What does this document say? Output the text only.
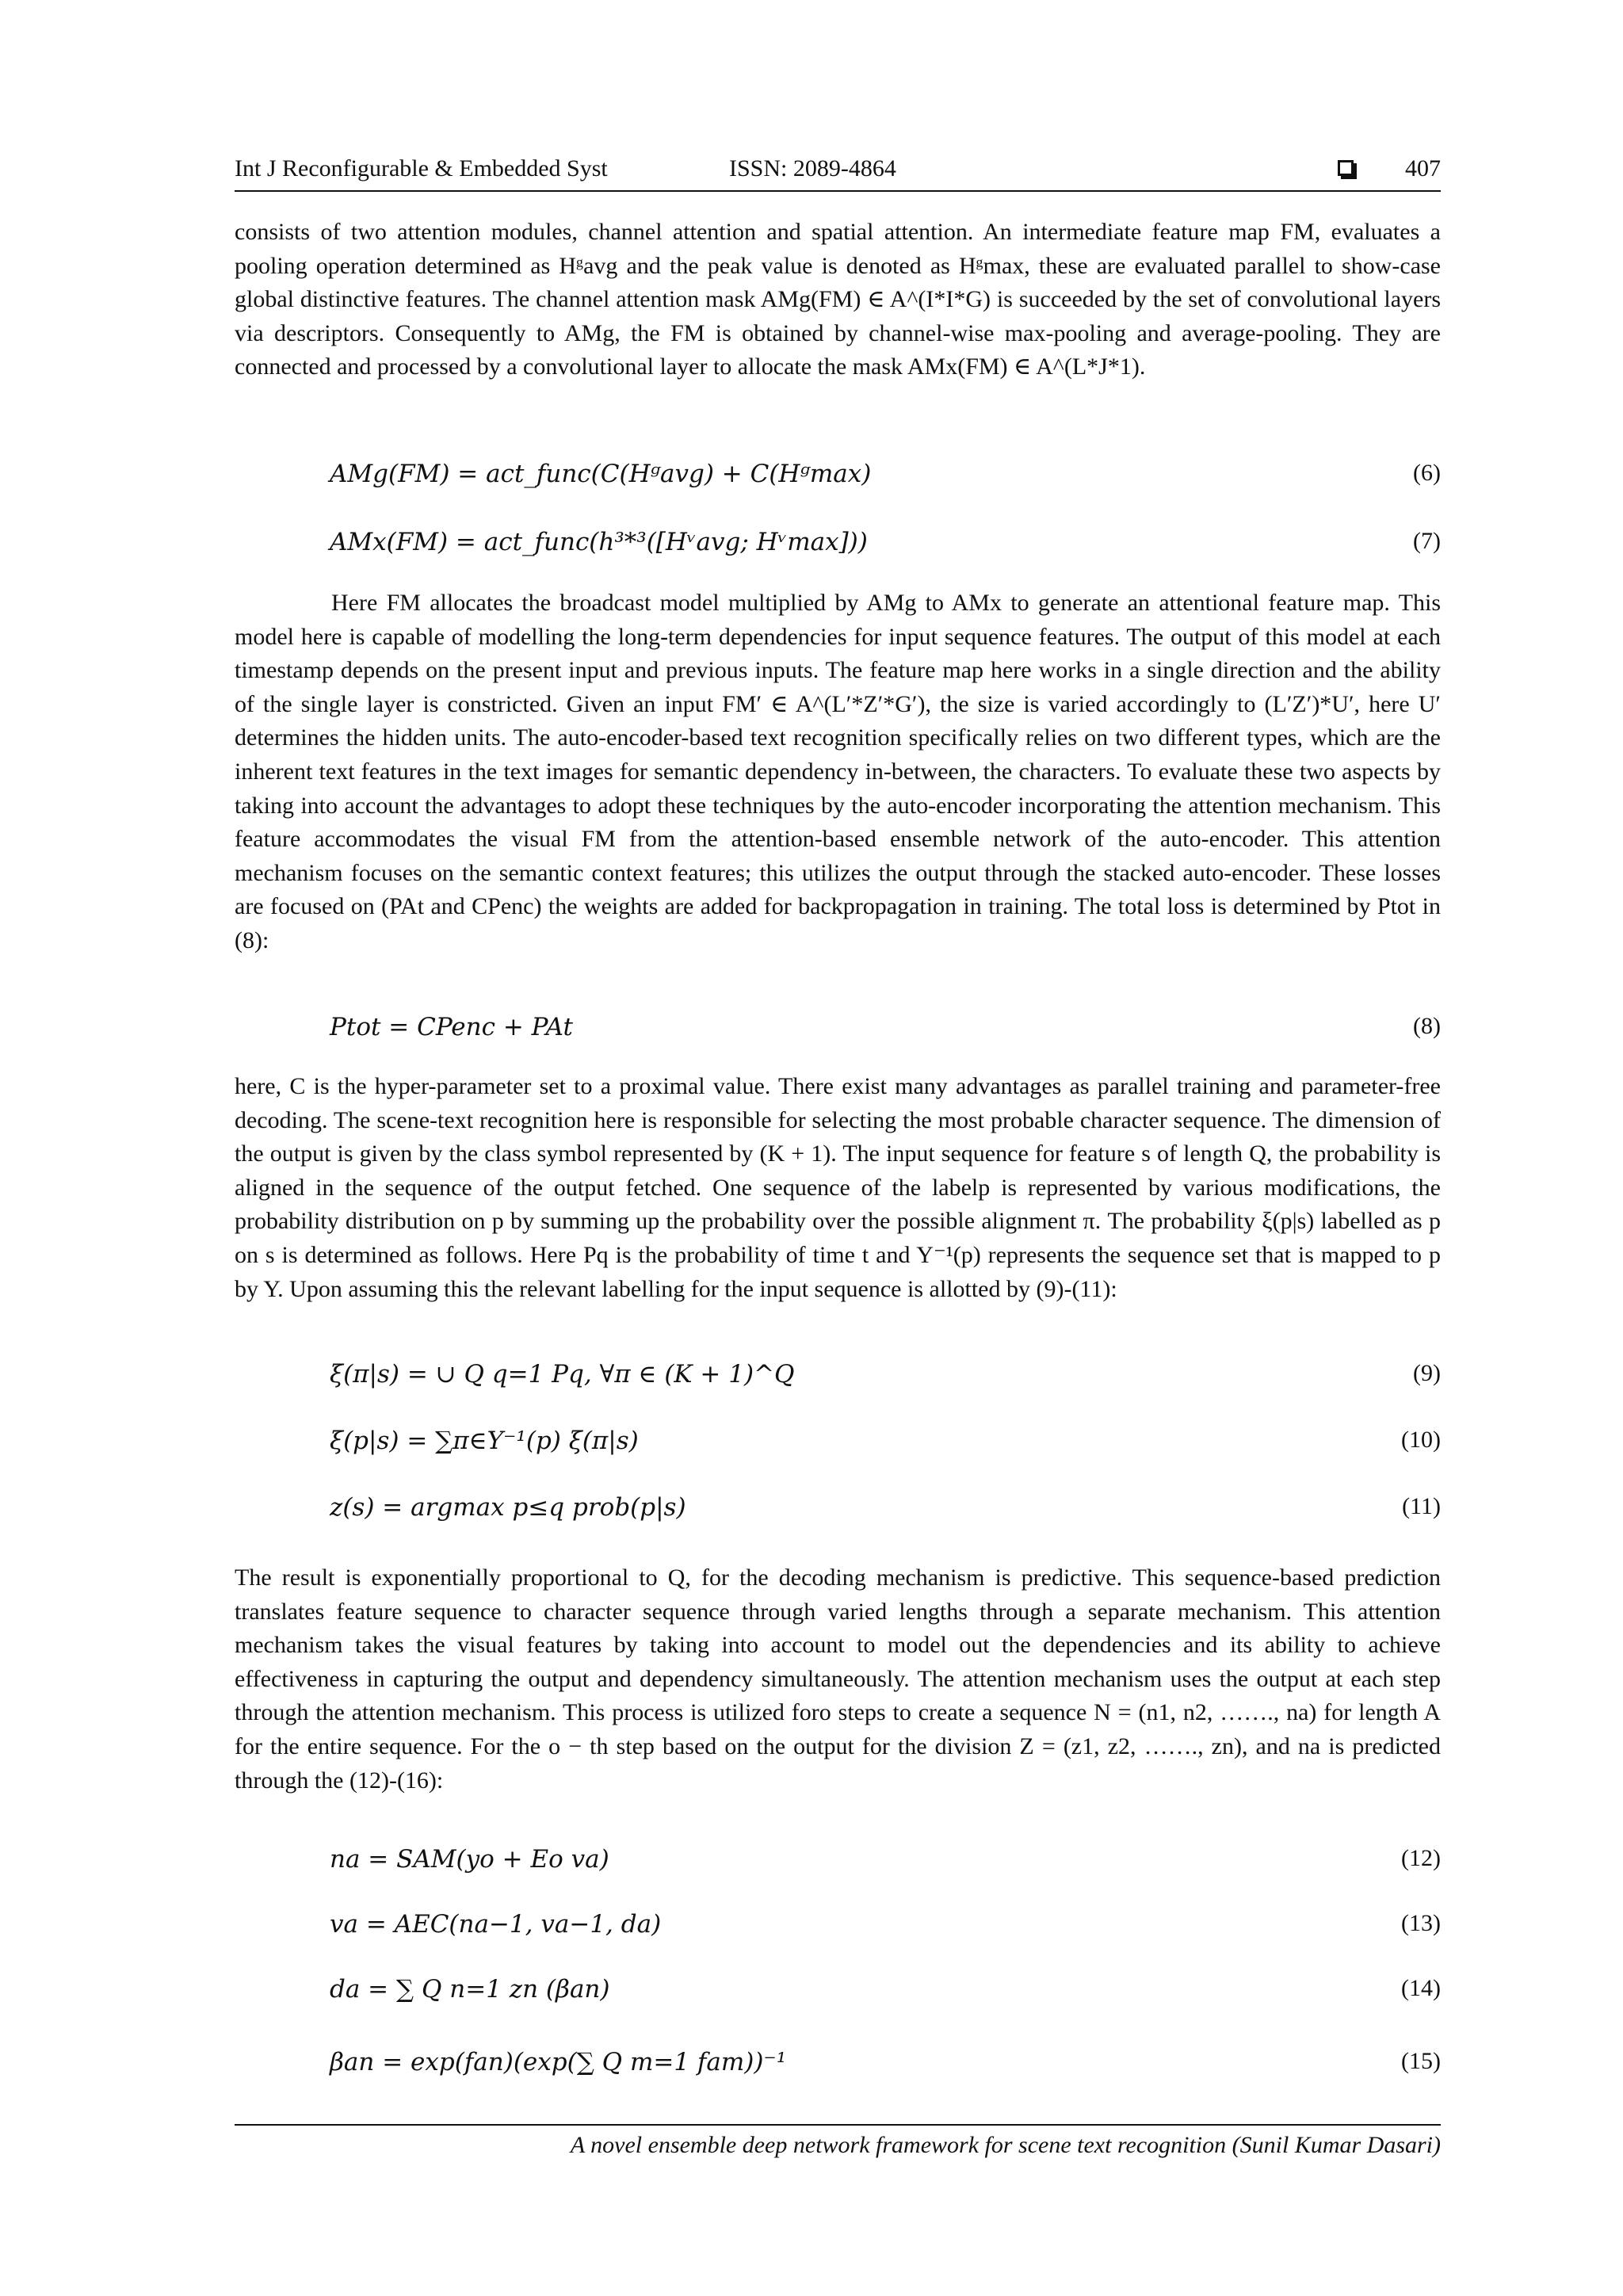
Int J Reconfigurable & Embedded Syst	ISSN: 2089-4864	407

consists of two attention modules, channel attention and spatial attention. An intermediate feature map FM, evaluates a pooling operation determined as Hᵍavg and the peak value is denoted as Hᵍmax, these are evaluated parallel to show-case global distinctive features. The channel attention mask AMg(FM) ∈ A^(I*I*G) is succeeded by the set of convolutional layers via descriptors. Consequently to AMg, the FM is obtained by channel-wise max-pooling and average-pooling. They are connected and processed by a convolutional layer to allocate the mask AMx(FM) ∈ A^(L*J*1).

AMg(FM) = act_func(C(Hᵍavg) + C(Hᵍmax)	(6)
AMx(FM) = act_func(h³*³([Hᵛavg; Hᵛmax]))	(7)

Here FM allocates the broadcast model multiplied by AMg to AMx to generate an attentional feature map. This model here is capable of modelling the long-term dependencies for input sequence features. The output of this model at each timestamp depends on the present input and previous inputs. The feature map here works in a single direction and the ability of the single layer is constricted. Given an input FM′ ∈ A^(L′*Z′*G′), the size is varied accordingly to (L′Z′)*U′, here U′ determines the hidden units. The auto-encoder-based text recognition specifically relies on two different types, which are the inherent text features in the text images for semantic dependency in-between, the characters. To evaluate these two aspects by taking into account the advantages to adopt these techniques by the auto-encoder incorporating the attention mechanism. This feature accommodates the visual FM from the attention-based ensemble network of the auto-encoder. This attention mechanism focuses on the semantic context features; this utilizes the output through the stacked auto-encoder. These losses are focused on (PAt and CPenc) the weights are added for backpropagation in training. The total loss is determined by Ptot in (8):

Ptot = CPenc + PAt	(8)

here, C is the hyper-parameter set to a proximal value. There exist many advantages as parallel training and parameter-free decoding. The scene-text recognition here is responsible for selecting the most probable character sequence. The dimension of the output is given by the class symbol represented by (K + 1). The input sequence for feature s of length Q, the probability is aligned in the sequence of the output fetched. One sequence of the labelp is represented by various modifications, the probability distribution on p by summing up the probability over the possible alignment π. The probability ξ(p|s) labelled as p on s is determined as follows. Here Pq is the probability of time t and Y⁻¹(p) represents the sequence set that is mapped to p by Y. Upon assuming this the relevant labelling for the input sequence is allotted by (9)-(11):

ξ(π|s) = ∪ Q q=1 Pq, ∀π ∈ (K + 1)^Q	(9)
ξ(p|s) = ∑π∈Y⁻¹(p) ξ(π|s)	(10)
z(s) = argmax p≤q prob(p|s)	(11)

The result is exponentially proportional to Q, for the decoding mechanism is predictive. This sequence-based prediction translates feature sequence to character sequence through varied lengths through a separate mechanism. This attention mechanism takes the visual features by taking into account to model out the dependencies and its ability to achieve effectiveness in capturing the output and dependency simultaneously. The attention mechanism uses the output at each step through the attention mechanism. This process is utilized foro steps to create a sequence N = (n1, n2, ……., na) for length A for the entire sequence. For the o − th step based on the output for the division Z = (z1, z2, ……., zn), and na is predicted through the (12)-(16):

na = SAM(yo + Eo va)	(12)
va = AEC(na−1, va−1, da)	(13)
da = ∑ Q n=1 zn (βan)	(14)
βan = exp(fan)(exp(∑ Q m=1 fam))⁻¹	(15)
A novel ensemble deep network framework for scene text recognition (Sunil Kumar Dasari)
